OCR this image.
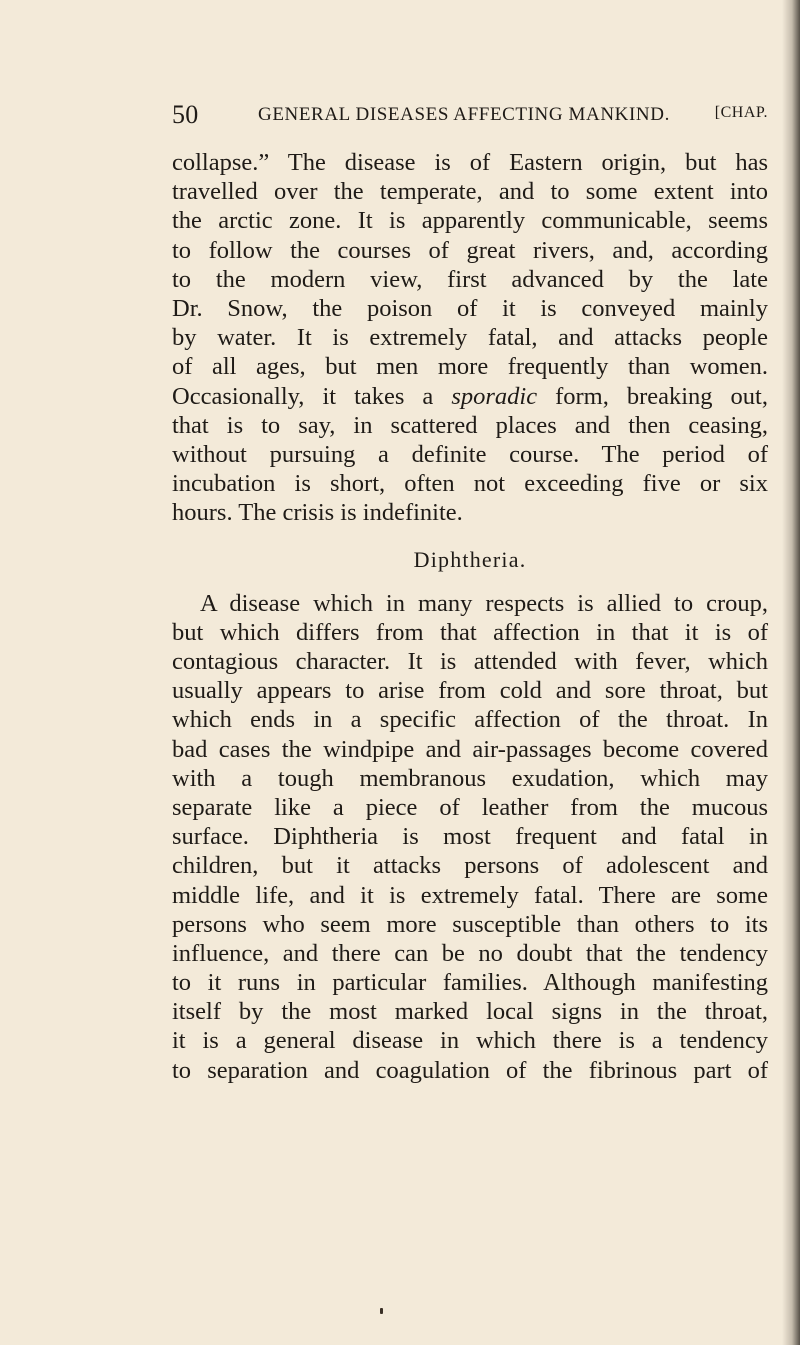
50	GENERAL DISEASES AFFECTING MANKIND.	[CHAP.
collapse.” The disease is of Eastern origin, but has
travelled over the temperate, and to some extent into
the arctic zone. It is apparently communicable, seems
to follow the courses of great rivers, and, according
to the modern view, first advanced by the late
Dr. Snow, the poison of it is conveyed mainly
by water. It is extremely fatal, and attacks people
of all ages, but men more frequently than women.
Occasionally, it takes a sporadic form, breaking out,
that is to say, in scattered places and then ceasing,
without pursuing a definite course. The period of
incubation is short, often not exceeding five or six
hours. The crisis is indefinite.
Diphtheria.
A disease which in many respects is allied to croup,
but which differs from that affection in that it is of
contagious character. It is attended with fever, which
usually appears to arise from cold and sore throat, but
which ends in a specific affection of the throat. In
bad cases the windpipe and air-passages become covered
with a tough membranous exudation, which may
separate like a piece of leather from the mucous
surface. Diphtheria is most frequent and fatal in
children, but it attacks persons of adolescent and
middle life, and it is extremely fatal. There are some
persons who seem more susceptible than others to its
influence, and there can be no doubt that the tendency
to it runs in particular families. Although manifesting
itself by the most marked local signs in the throat,
it is a general disease in which there is a tendency
to separation and coagulation of the fibrinous part of
